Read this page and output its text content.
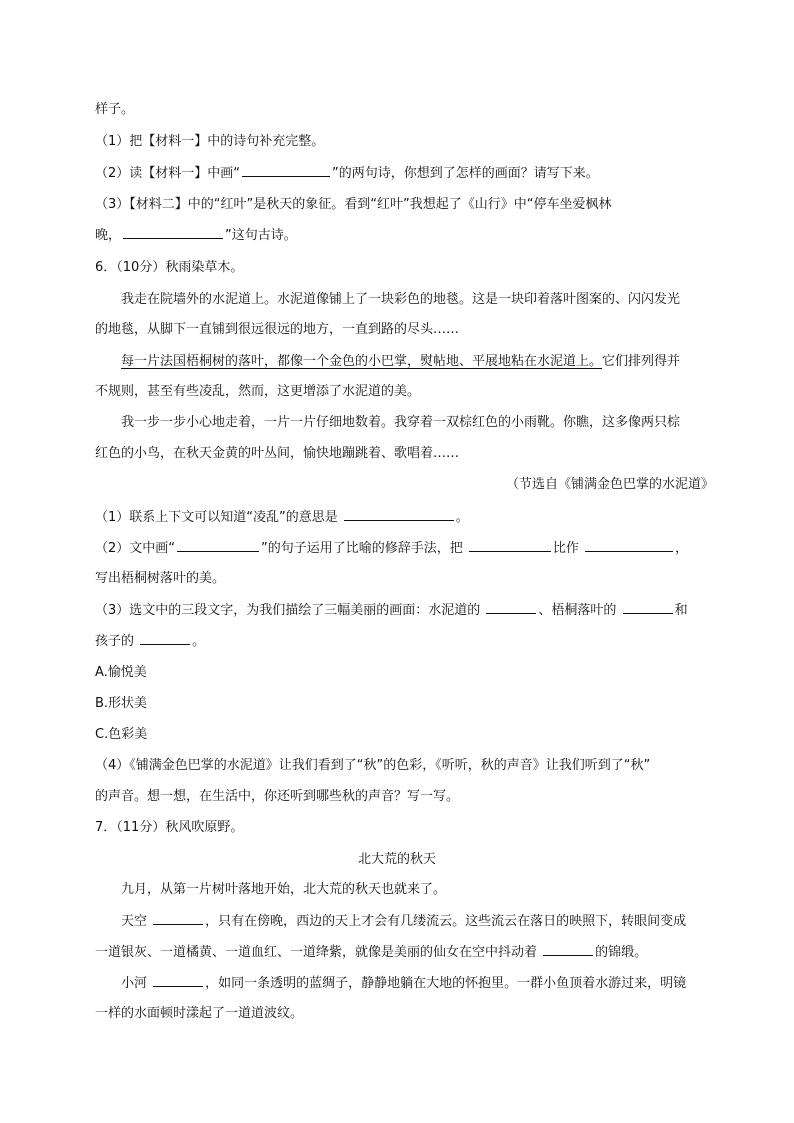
样子。
（1）把【材料一】中的诗句补充完整。
（2）读【材料一】中画“	”的两句诗，你想到了怎样的画面？请写下来。
（3）【材料二】中的“红叶”是秋天的象征。看到“红叶”我想起了《山行》中“停车坐爱枫林
晚，	”这句古诗。
6．（10分）秋雨染草木。
我走在院墙外的水泥道上。水泥道像铺上了一块彩色的地毯。这是一块印着落叶图案的、闪闪发光
的地毯，从脚下一直铺到很远很远的地方，一直到路的尽头……
每一片法国梧桐树的落叶，都像一个金色的小巴掌，熨帖地、平展地粘在水泥道上。它们排列得并
不规则，甚至有些凌乱，然而，这更增添了水泥道的美。
我一步一步小心地走着，一片一片仔细地数着。我穿着一双棕红色的小雨靴。你瞧，这多像两只棕
红色的小鸟，在秋天金黄的叶丛间，愉快地蹦跳着、歌唱着……
（节选自《铺满金色巴掌的水泥道》
（1）联系上下文可以知道“凌乱”的意思是	。
（2）文中画“	”的句子运用了比喻的修辞手法，把	比作	，
写出梧桐树落叶的美。
（3）选文中的三段文字，为我们描绘了三幅美丽的画面：水泥道的	、梧桐落叶的	和
孩子的	。
A.愉悦美
B.形状美
C.色彩美
（4）《铺满金色巴掌的水泥道》让我们看到了“秋”的色彩，《听听，秋的声音》让我们听到了“秋”
的声音。想一想，在生活中，你还听到哪些秋的声音？写一写。
7．（11分）秋风吹原野。
北大荒的秋天
九月，从第一片树叶落地开始，北大荒的秋天也就来了。
天空	，只有在傍晚，西边的天上才会有几缕流云。这些流云在落日的映照下，转眼间变成
一道银灰、一道橘黄、一道血红、一道绛紫，就像是美丽的仙女在空中抖动着	的锦缎。
小河	，如同一条透明的蓝绸子，静静地躺在大地的怀抱里。一群小鱼顶着水游过来，明镜
一样的水面顿时漾起了一道道波纹。
